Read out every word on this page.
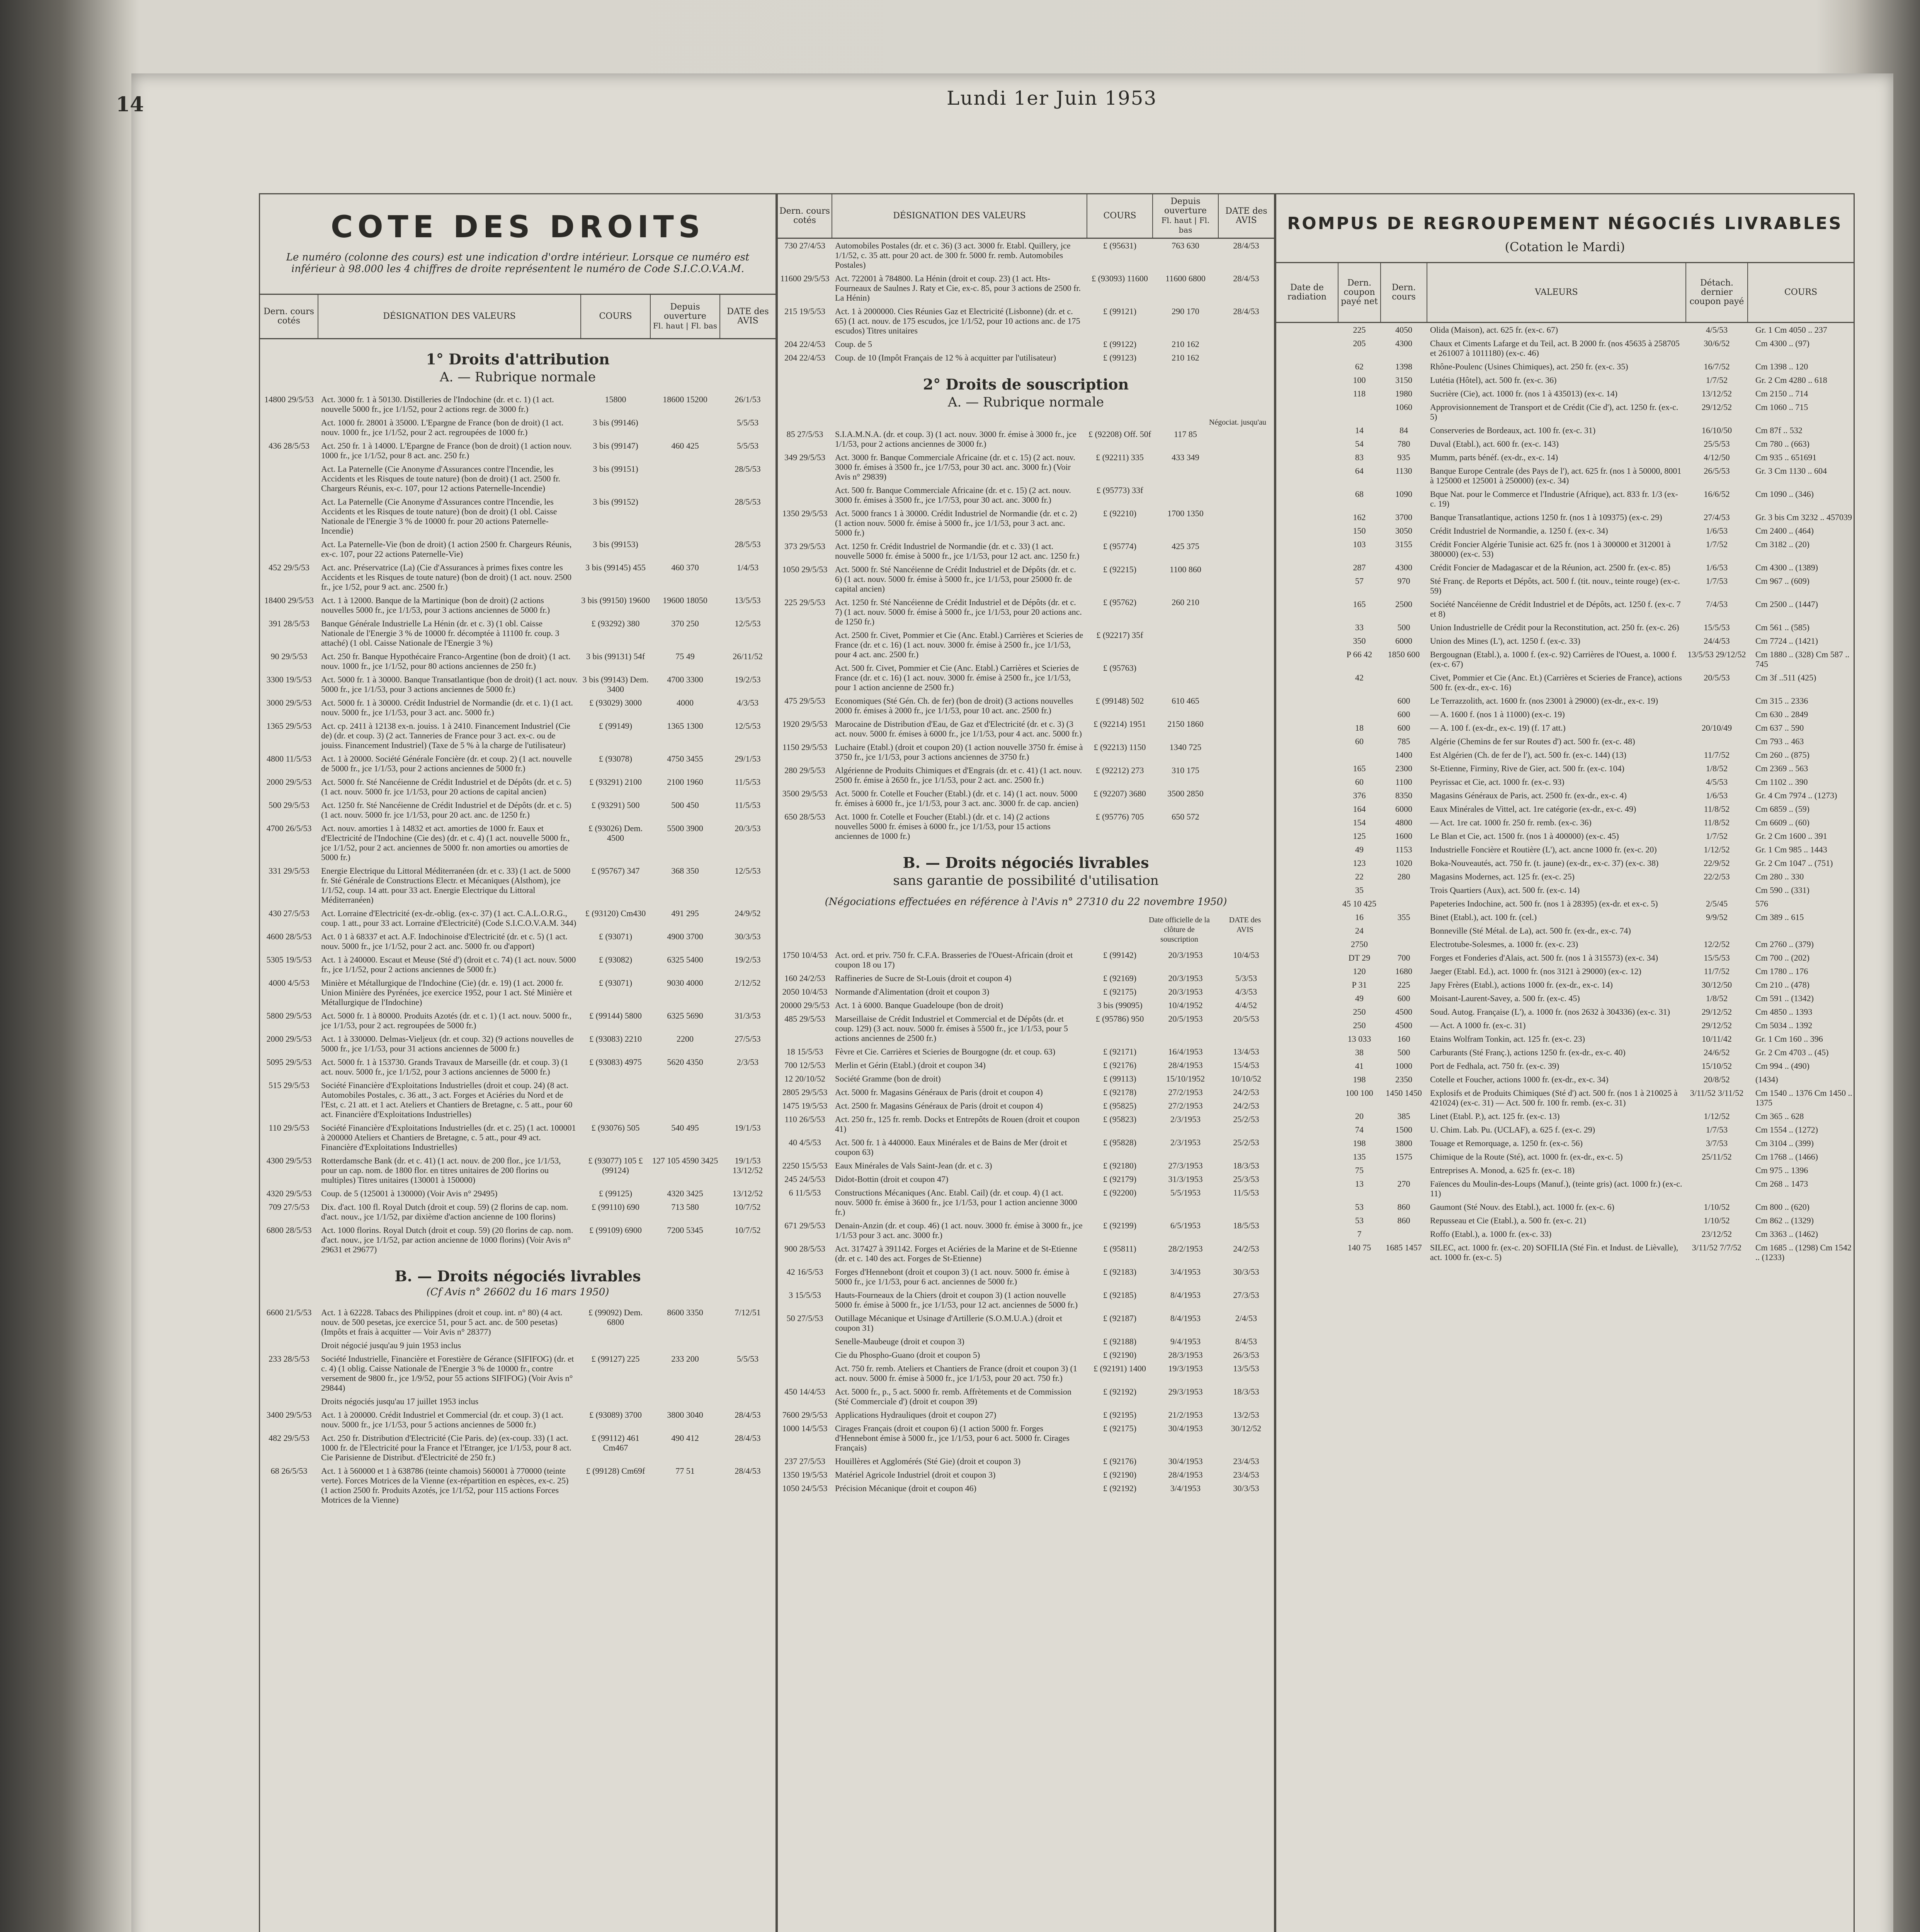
14	Lundi 1er Juin 1953
COTE DES DROITS
Le numéro (colonne des cours) est une indication d'ordre intérieur. Lorsque ce numéro est inférieur à 98.000 les 4 chiffres de droite représentent le numéro de Code S.I.C.O.V.A.M.
Dern. cours cotés	DÉSIGNATION DES VALEURS	COURS	Depuis ouverture
Fl. haut | Fl. bas	DATE des AVIS
1° Droits d'attribution
A. — Rubrique normale
14800 29/5/53 Act. 3000 fr. 1 à 50130. Distilleries de l'Indochine (dr. et c. 1) (1 act. nouvelle 5000 fr., jce 1/1/52, pour 2 actions regr. de 3000 fr.)
15800	18600 15200	26/1/53
Act. 1000 fr. 28001 à 35000. L'Epargne de France (bon de droit) (1 act. nouv. 1000 fr., jce 1/1/52, pour 2 act. regroupées de 1000 fr.)
3 bis (99146)	5/5/53
436 28/5/53	Act. 250 fr. 1 à 14000. L'Epargne de France (bon de droit) (1 action nouv. 1000 fr., jce 1/1/52, pour 8 act. anc. 250 fr.)
3 bis (99147)	460 425	5/5/53
Act. La Paternelle (Cie Anonyme d'Assurances contre l'Incendie, les Accidents et les Risques de toute nature) (bon de droit) (1 act. 2500 fr. Chargeurs Réunis, ex-c. 107, pour 12 actions Paternelle-Incendie)
3 bis (99151)	28/5/53
Act. La Paternelle (Cie Anonyme d'Assurances contre l'Incendie, les Accidents et les Risques de toute nature) (bon de droit) (1 obl. Caisse Nationale de l'Energie 3 % de 10000 fr. pour 20 actions Paternelle-Incendie)
3 bis (99152)	28/5/53
Act. La Paternelle-Vie (bon de droit) (1 action 2500 fr. Chargeurs Réunis, ex-c. 107, pour 22 actions Paternelle-Vie)
3 bis (99153)	28/5/53
452 29/5/53	Act. anc. Préservatrice (La) (Cie d'Assurances à primes fixes contre les Accidents et les Risques de toute nature) (bon de droit) (1 act. nouv. 2500 fr., jce 1/52, pour 9 act. anc. 2500 fr.)
3 bis (99145) 455	460 370	1/4/53
18400 29/5/53 Act. 1 à 12000. Banque de la Martinique (bon de droit) (2 actions nouvelles 5000 fr., jce 1/1/53, pour 3 actions anciennes de 5000 fr.)
3 bis (99150) 19600	19600 18050	13/5/53
391 28/5/53	Banque Générale Industrielle La Hénin (dr. et c. 3) (1 obl. Caisse Nationale de l'Energie 3 % de 10000 fr. décomptée à 11100 fr. coup. 3 attaché) (1 obl. Caisse Nationale de l'Energie 3 %)
£ (93292) 380	370 250	12/5/53
90 29/5/53	Act. 250 fr. Banque Hypothécaire Franco-Argentine (bon de droit) (1 act. nouv. 1000 fr., jce 1/1/52, pour 80 actions anciennes de 250 fr.)
3 bis (99131) 54f	75 49	26/11/52
3300 19/5/53	Act. 5000 fr. 1 à 30000. Banque Transatlantique (bon de droit) (1 act. nouv. 5000 fr., jce 1/1/53, pour 3 actions anciennes de 5000 fr.)
3 bis (99143) Dem. 3400
4700 3300	19/2/53
3000 29/5/53	Act. 5000 fr. 1 à 30000. Crédit Industriel de Normandie (dr. et c. 1) (1 act. nouv. 5000 fr., jce 1/1/53, pour 3 act. anc. 5000 fr.)
£ (93029) 3000	4000	4/3/53
1365 29/5/53	Act. cp. 2411 à 12138 ex-n. jouiss. 1 à 2410. Financement Industriel (Cie de) (dr. et coup. 3) (2 act. Tanneries de France pour 3 act. ex-c. ou de jouiss. Financement Industriel) (Taxe de 5 % à la charge de l'utilisateur)
£ (99149)	1365 1300	12/5/53
4800 11/5/53	Act. 1 à 20000. Société Générale Foncière (dr. et coup. 2) (1 act. nouvelle de 5000 fr., jce 1/1/53, pour 2 actions anciennes de 5000 fr.)
£ (93078)	4750 3455	29/1/53
2000 29/5/53	Act. 5000 fr. Sté Nancéienne de Crédit Industriel et de Dépôts (dr. et c. 5) (1 act. nouv. 5000 fr. jce 1/1/53, pour 20 actions de capital ancien)
£ (93291) 2100	2100 1960	11/5/53
500 29/5/53	Act. 1250 fr. Sté Nancéienne de Crédit Industriel et de Dépôts (dr. et c. 5) (1 act. nouv. 5000 fr. jce 1/1/53, pour 20 act. anc. de 1250 fr.)
£ (93291) 500	500 450	11/5/53
4700 26/5/53	Act. nouv. amorties 1 à 14832 et act. amorties de 1000 fr. Eaux et d'Electricité de l'Indochine (Cie des) (dr. et c. 4) (1 act. nouvelle 5000 fr., jce 1/1/52, pour 2 act. anciennes de 5000 fr. non amorties ou amorties de 5000 fr.)
£ (93026) Dem. 4500
5500 3900	20/3/53
331 29/5/53	Energie Electrique du Littoral Méditerranéen (dr. et c. 33) (1 act. de 5000 fr. Sté Générale de Constructions Electr. et Mécaniques (Alsthom), jce 1/1/52, coup. 14 att. pour 33 act. Energie Electrique du Littoral Méditerranéen)
£ (95767) 347	368 350	12/5/53
430 27/5/53	Act. Lorraine d'Electricité (ex-dr.-oblig. (ex-c. 37) (1 act. C.A.L.O.R.G., coup. 1 att., pour 33 act. Lorraine d'Electricité) (Code S.I.C.O.V.A.M. 344)
£ (93120) Cm430	491 295	24/9/52
4600 28/5/53	Act. 0 1 à 68337 et act. A.F. Indochinoise d'Electricité (dr. et c. 5) (1 act. nouv. 5000 fr., jce 1/1/52, pour 2 act. anc. 5000 fr. ou d'apport)
£ (93071)	4900 3700	30/3/53
5305 19/5/53	Act. 1 à 240000. Escaut et Meuse (Sté d') (droit et c. 74) (1 act. nouv. 5000 fr., jce 1/1/52, pour 2 actions anciennes de 5000 fr.)
£ (93082)	6325 5400	19/2/53
4000 4/5/53	Minière et Métallurgique de l'Indochine (Cie) (dr. e. 19) (1 act. 2000 fr. Union Minière des Pyrénées, jce exercice 1952, pour 1 act. Sté Minière et Métallurgique de l'Indochine)
£ (93071)	9030 4000	2/12/52
5800 29/5/53	Act. 5000 fr. 1 à 80000. Produits Azotés (dr. et c. 1) (1 act. nouv. 5000 fr., jce 1/1/53, pour 2 act. regroupées de 5000 fr.)
£ (99144) 5800	6325 5690	31/3/53
2000 29/5/53	Act. 1 à 330000. Delmas-Vieljeux (dr. et coup. 32) (9 actions nouvelles de 5000 fr., jce 1/1/53, pour 31 actions anciennes de 5000 fr.)
£ (93083) 2210	2200	27/5/53
5095 29/5/53	Act. 5000 fr. 1 à 153730. Grands Travaux de Marseille (dr. et coup. 3) (1 act. nouv. 5000 fr., jce 1/1/52, pour 3 actions anciennes de 5000 fr.)
£ (93083) 4975	5620 4350	2/3/53
515 29/5/53	Société Financière d'Exploitations Industrielles (droit et coup. 24) (8 act. Automobiles Postales, c. 36 att., 3 act. Forges et Aciéries du Nord et de l'Est, c. 21 att. et 1 act. Ateliers et Chantiers de Bretagne, c. 5 att., pour 60 act. Financière d'Exploitations Industrielles)
110 29/5/53	Société Financière d'Exploitations Industrielles (dr. et c. 25) (1 act. 100001 à 200000 Ateliers et Chantiers de Bretagne, c. 5 att., pour 49 act. Financière d'Exploitations Industrielles)
£ (93076) 505	540 495	19/1/53
4300 29/5/53	Rotterdamsche Bank (dr. et c. 41) (1 act. nouv. de 200 flor., jce 1/1/53, pour un cap. nom. de 1800 flor. en titres unitaires de 200 florins ou multiples) Titres unitaires (130001 à 150000)
£ (93077) 105 £ (99124)
127 105 4590 3425	19/1/53 13/12/52
4320 29/5/53	Coup. de 5 (125001 à 130000) (Voir Avis n° 29495)	£ (99125)	4320 3425	13/12/52
709 27/5/53	Dix. d'act. 100 fl. Royal Dutch (droit et coup. 59) (2 florins de cap. nom. d'act. nouv., jce 1/1/52, par dixième d'action ancienne de 100 florins)
£ (99110) 690	713 580	10/7/52
6800 28/5/53	Act. 1000 florins. Royal Dutch (droit et coup. 59) (20 florins de cap. nom. d'act. nouv., jce 1/1/52, par action ancienne de 1000 florins) (Voir Avis n° 29631 et 29677)
£ (99109) 6900	7200 5345	10/7/52
B. — Droits négociés livrables
(Cf Avis n° 26602 du 16 mars 1950)
6600 21/5/53	Act. 1 à 62228. Tabacs des Philippines (droit et coup. int. n° 80) (4 act. nouv. de 500 pesetas, jce exercice 51, pour 5 act. anc. de 500 pesetas) (Impôts et frais à acquitter — Voir Avis n° 28377)
£ (99092) Dem. 6800
8600 3350	7/12/51
Droit négocié jusqu'au 9 juin 1953 inclus
233 28/5/53	Société Industrielle, Financière et Forestière de Gérance (SIFIFOG) (dr. et c. 4) (1 oblig. Caisse Nationale de l'Energie 3 % de 10000 fr., contre versement de 9800 fr., jce 1/9/52, pour 55 actions SIFIFOG) (Voir Avis n° 29844)
£ (99127) 225	233 200	5/5/53
Droits négociés jusqu'au 17 juillet 1953 inclus
3400 29/5/53	Act. 1 à 200000. Crédit Industriel et Commercial (dr. et coup. 3) (1 act. nouv. 5000 fr., jce 1/1/53, pour 5 actions anciennes de 5000 fr.)
£ (93089) 3700	3800 3040	28/4/53
482 29/5/53	Act. 250 fr. Distribution d'Electricité (Cie Paris. de) (ex-coup. 33) (1 act. 1000 fr. de l'Electricité pour la France et l'Etranger, jce 1/1/53, pour 8 act. Cie Parisienne de Distribut. d'Electricité de 250 fr.)
£ (99112) 461 Cm467
490 412	28/4/53
68 26/5/53	Act. 1 à 560000 et 1 à 638786 (teinte chamois) 560001 à 770000 (teinte verte). Forces Motrices de la Vienne (ex-répartition en espèces, ex-c. 25) (1 action 2500 fr. Produits Azotés, jce 1/1/52, pour 115 actions Forces Motrices de la Vienne)
£ (99128) Cm69f	77 51	28/4/53
Dern. cours cotés	DÉSIGNATION DES VALEURS	COURS	Depuis ouverture
Fl. haut | Fl. bas	DATE des AVIS
730 27/4/53	Automobiles Postales (dr. et c. 36) (3 act. 3000 fr. Etabl. Quillery, jce 1/1/52, c. 35 att. pour 20 act. de 300 fr. 5000 fr. remb. Automobiles Postales)
£ (95631)	763 630	28/4/53
11600 29/5/53 Act. 722001 à 784800. La Hénin (droit et coup. 23) (1 act. Hts-Fourneaux de Saulnes J. Raty et Cie, ex-c. 85, pour 3 actions de 2500 fr. La Hénin)
£ (93093) 11600	11600 6800	28/4/53
215 19/5/53	Act. 1 à 2000000. Cies Réunies Gaz et Electricité (Lisbonne) (dr. et c. 65) (1 act. nouv. de 175 escudos, jce 1/1/52, pour 10 actions anc. de 175 escudos) Titres unitaires
£ (99121)	290 170	28/4/53
204 22/4/53	Coup. de 5	£ (99122)	210 162
204 22/4/53	Coup. de 10 (Impôt Français de 12 % à acquitter par l'utilisateur)	£ (99123)	210 162
2° Droits de souscription
A. — Rubrique normale
Négociat. jusqu'au
85 27/5/53	S.I.A.M.N.A. (dr. et coup. 3) (1 act. nouv. 3000 fr. émise à 3000 fr., jce 1/1/53, pour 2 actions anciennes de 3000 fr.)
£ (92208) Off. 50f	117 85
349 29/5/53	Act. 3000 fr. Banque Commerciale Africaine (dr. et c. 15) (2 act. nouv. 3000 fr. émises à 3500 fr., jce 1/7/53, pour 30 act. anc. 3000 fr.) (Voir Avis n° 29839)
£ (92211) 335	433 349
Act. 500 fr. Banque Commerciale Africaine (dr. et c. 15) (2 act. nouv. 3000 fr. émises à 3500 fr., jce 1/7/53, pour 30 act. anc. 3000 fr.)
£ (95773) 33f
1350 29/5/53 Act. 5000 francs 1 à 30000. Crédit Industriel de Normandie (dr. et c. 2) (1 action nouv. 5000 fr. émise à 5000 fr., jce 1/1/53, pour 3 act. anc. 5000 fr.)
£ (92210)	1700 1350
373 29/5/53	Act. 1250 fr. Crédit Industriel de Normandie (dr. et c. 33) (1 act. nouvelle 5000 fr. émise à 5000 fr., jce 1/1/53, pour 12 act. anc. 1250 fr.)
£ (95774)	425 375
1050 29/5/53 Act. 5000 fr. Sté Nancéienne de Crédit Industriel et de Dépôts (dr. et c. 6) (1 act. nouv. 5000 fr. émise à 5000 fr., jce 1/1/53, pour 25000 fr. de capital ancien)
£ (92215)	1100 860
225 29/5/53	Act. 1250 fr. Sté Nancéienne de Crédit Industriel et de Dépôts (dr. et c. 7) (1 act. nouv. 5000 fr. émise à 5000 fr., jce 1/1/53, pour 20 actions anc. de 1250 fr.)
£ (95762)	260 210
Act. 2500 fr. Civet, Pommier et Cie (Anc. Etabl.) Carrières et Scieries de France (dr. et c. 16) (1 act. nouv. 3000 fr. émise à 2500 fr., jce 1/1/53, pour 4 act. anc. 2500 fr.)
£ (92217) 35f
Act. 500 fr. Civet, Pommier et Cie (Anc. Etabl.) Carrières et Scieries de France (dr. et c. 16) (1 act. nouv. 3000 fr. émise à 2500 fr., jce 1/1/53, pour 1 action ancienne de 2500 fr.)
£ (95763)
475 29/5/53	Economiques (Sté Gén. Ch. de fer) (bon de droit) (3 actions nouvelles 2000 fr. émises à 2000 fr., jce 1/1/53, pour 10 act. anc. 2500 fr.)
£ (99148) 502	610 465
1920 29/5/53 Marocaine de Distribution d'Eau, de Gaz et d'Electricité (dr. et c. 3) (3 act. nouv. 5000 fr. émises à 6000 fr., jce 1/1/53, pour 4 act. anc. 5000 fr.)
£ (92214) 1951	2150 1860
1150 29/5/53 Luchaire (Etabl.) (droit et coupon 20) (1 action nouvelle 3750 fr. émise à 3750 fr., jce 1/1/53, pour 3 actions anciennes de 3750 fr.)
£ (92213) 1150	1340 725
280 29/5/53	Algérienne de Produits Chimiques et d'Engrais (dr. et c. 41) (1 act. nouv. 2500 fr. émise à 2650 fr., jce 1/1/53, pour 2 act. anc. 2500 fr.)
£ (92212) 273	310 175
3500 29/5/53 Act. 5000 fr. Cotelle et Foucher (Etabl.) (dr. et c. 14) (1 act. nouv. 5000 fr. émises à 6000 fr., jce 1/1/53, pour 3 act. anc. 3000 fr. de cap. ancien)
£ (92207) 3680	3500 2850
650 28/5/53	Act. 1000 fr. Cotelle et Foucher (Etabl.) (dr. et c. 14) (2 actions nouvelles 5000 fr. émises à 6000 fr., jce 1/1/53, pour 15 actions anciennes de 1000 fr.)
£ (95776) 705	650 572
B. — Droits négociés livrables
sans garantie de possibilité d'utilisation
(Négociations effectuées en référence à l'Avis n° 27310 du 22 novembre 1950)
Date officielle de la clôture de souscription
DATE des AVIS
1750 10/4/53 Act. ord. et priv. 750 fr. C.F.A. Brasseries de l'Ouest-Africain (droit et coupon 18 ou 17)
£ (99142)	20/3/1953	10/4/53
160 24/2/53	Raffineries de Sucre de St-Louis (droit et coupon 4)	£ (92169)	20/3/1953	5/3/53
2050 10/4/53 Normande d'Alimentation (droit et coupon 3)	£ (92175)	20/3/1953	4/3/53
20000 29/5/53 Act. 1 à 6000. Banque Guadeloupe (bon de droit)	3 bis (99095)	10/4/1952	4/4/52
485 29/5/53	Marseillaise de Crédit Industriel et Commercial et de Dépôts (dr. et coup. 129) (3 act. nouv. 5000 fr. émises à 5500 fr., jce 1/1/53, pour 5 actions anciennes de 2500 fr.)
£ (95786) 950	20/5/1953	20/5/53
18 15/5/53	Fèvre et Cie. Carrières et Scieries de Bourgogne (dr. et coup. 63)	£ (92171)	16/4/1953	13/4/53
700 12/5/53	Merlin et Gérin (Etabl.) (droit et coupon 34)	£ (92176)	28/4/1953	15/4/53
12 20/10/52	Société Gramme (bon de droit)	£ (99113)	15/10/1952	10/10/52
2805 29/5/53 Act. 5000 fr. Magasins Généraux de Paris (droit et coupon 4)	£ (92178)	27/2/1953	24/2/53
1475 19/5/53 Act. 2500 fr. Magasins Généraux de Paris (droit et coupon 4)	£ (95825)	27/2/1953	24/2/53
110 26/5/53	Act. 250 fr., 125 fr. remb. Docks et Entrepôts de Rouen (droit et coupon 41)
£ (95823)	2/3/1953	25/2/53
40 4/5/53	Act. 500 fr. 1 à 440000. Eaux Minérales et de Bains de Mer (droit et coupon 63)
£ (95828)	2/3/1953	25/2/53
2250 15/5/53 Eaux Minérales de Vals Saint-Jean (dr. et c. 3)	£ (92180)	27/3/1953	18/3/53
245 24/5/53	Didot-Bottin (droit et coupon 47)	£ (92179)	31/3/1953	25/3/53
6 11/5/53	Constructions Mécaniques (Anc. Etabl. Cail) (dr. et coup. 4) (1 act. nouv. 5000 fr. émise à 3600 fr., jce 1/1/53, pour 1 action ancienne 3000 fr.)
£ (92200)	5/5/1953	11/5/53
671 29/5/53	Denain-Anzin (dr. et coup. 46) (1 act. nouv. 3000 fr. émise à 3000 fr., jce 1/1/53 pour 3 act. anc. 3000 fr.)
£ (92199)	6/5/1953	18/5/53
900 28/5/53	Act. 317427 à 391142. Forges et Aciéries de la Marine et de St-Etienne (dr. et c. 140 des act. Forges de St-Etienne)
£ (95811)	28/2/1953	24/2/53
42 16/5/53	Forges d'Hennebont (droit et coupon 3) (1 act. nouv. 5000 fr. émise à 5000 fr., jce 1/1/53, pour 6 act. anciennes de 5000 fr.)
£ (92183)	3/4/1953	30/3/53
3 15/5/53	Hauts-Fourneaux de la Chiers (droit et coupon 3) (1 action nouvelle 5000 fr. émise à 5000 fr., jce 1/1/53, pour 12 act. anciennes de 5000 fr.)
£ (92185)	8/4/1953	27/3/53
50 27/5/53	Outillage Mécanique et Usinage d'Artillerie (S.O.M.U.A.) (droit et coupon 31)
£ (92187)	8/4/1953	2/4/53
Senelle-Maubeuge (droit et coupon 3)	£ (92188)	9/4/1953	8/4/53
Cie du Phospho-Guano (droit et coupon 5)	£ (92190)	28/3/1953	26/3/53
Act. 750 fr. remb. Ateliers et Chantiers de France (droit et coupon 3) (1 act. nouv. 5000 fr. émise à 5000 fr., jce 1/1/53, pour 20 act. 750 fr.)
£ (92191) 1400	19/3/1953	13/5/53
450 14/4/53	Act. 5000 fr., p., 5 act. 5000 fr. remb. Affrètements et de Commission (Sté Commerciale d') (droit et coupon 39)
£ (92192)	29/3/1953	18/3/53
7600 29/5/53 Applications Hydrauliques (droit et coupon 27)	£ (92195)	21/2/1953	13/2/53
1000 14/5/53 Cirages Français (droit et coupon 6) (1 action 5000 fr. Forges d'Hennebont émise à 5000 fr., jce 1/1/53, pour 6 act. 5000 fr. Cirages Français)
£ (92175)	30/4/1953	30/12/52
237 27/5/53	Houillères et Agglomérés (Sté Gie) (droit et coupon 3)	£ (92176)	30/4/1953	23/4/53
1350 19/5/53 Matériel Agricole Industriel (droit et coupon 3)	£ (92190)	28/4/1953	23/4/53
1050 24/5/53 Précision Mécanique (droit et coupon 46)	£ (92192)	3/4/1953	30/3/53
ROMPUS DE REGROUPEMENT NÉGOCIÉS LIVRABLES
(Cotation le Mardi)
Date de radiation	Dern. coupon payé net	Dern. cours	VALEURS	Détach. dernier coupon payé	COURS
225	4050	Olida (Maison), act. 625 fr. (ex-c. 67)	4/5/53	Gr. 1 Cm 4050 .. 237
205	4300	Chaux et Ciments Lafarge et du Teil, act. B 2000 fr. (nos 45635 à 258705 et 261007 à 1011180) (ex-c. 46)
30/6/52	Cm 4300 .. (97)
62	1398	Rhône-Poulenc (Usines Chimiques), act. 250 fr. (ex-c. 35)	16/7/52	Cm 1398 .. 120
100	3150	Lutétia (Hôtel), act. 500 fr. (ex-c. 36)	1/7/52	Gr. 2 Cm 4280 .. 618
118	1980	Sucrière (Cie), act. 1000 fr. (nos 1 à 435013) (ex-c. 14)	13/12/52	Cm 2150 .. 714
1060	Approvisionnement de Transport et de Crédit (Cie d'), act. 1250 fr. (ex-c. 5)
29/12/52	Cm 1060 .. 715
14	84	Conserveries de Bordeaux, act. 100 fr. (ex-c. 31)	16/10/50	Cm 87f .. 532
54	780	Duval (Etabl.), act. 600 fr. (ex-c. 143)	25/5/53	Cm 780 .. (663)
83	935	Mumm, parts bénéf. (ex-dr., ex-c. 14)	4/12/50	Cm 935 .. 651691
64	1130	Banque Europe Centrale (des Pays de l'), act. 625 fr. (nos 1 à 50000, 8001 à 125000 et 125001 à 250000) (ex-c. 34)
26/5/53	Gr. 3 Cm 1130 .. 604
68	1090	Bque Nat. pour le Commerce et l'Industrie (Afrique), act. 833 fr. 1/3 (ex-c. 19)
16/6/52	Cm 1090 .. (346)
162	3700	Banque Transatlantique, actions 1250 fr. (nos 1 à 109375) (ex-c. 29)	27/4/53	Gr. 3 bis Cm 3232 .. 457039
150	3050	Crédit Industriel de Normandie, a. 1250 f. (ex-c. 34)	1/6/53	Cm 2400 .. (464)
103	3155	Crédit Foncier Algérie Tunisie act. 625 fr. (nos 1 à 300000 et 312001 à 380000) (ex-c. 53)
1/7/52	Cm 3182 .. (20)
287	4300	Crédit Foncier de Madagascar et de la Réunion, act. 2500 fr. (ex-c. 85)	1/6/53	Cm 4300 .. (1389)
57	970	Sté Franç. de Reports et Dépôts, act. 500 f. (tit. nouv., teinte rouge) (ex-c. 59)
1/7/53	Cm 967 .. (609)
165	2500	Société Nancéienne de Crédit Industriel et de Dépôts, act. 1250 f. (ex-c. 7 et 8)
7/4/53	Cm 2500 .. (1447)
33	500	Union Industrielle de Crédit pour la Reconstitution, act. 250 fr. (ex-c. 26)	15/5/53	Cm 561 .. (585)
350	6000	Union des Mines (L'), act. 1250 f. (ex-c. 33)	24/4/53	Cm 7724 .. (1421)
P 66 42	1850 600	Bergougnan (Etabl.), a. 1000 f. (ex-c. 92) Carrières de l'Ouest, a. 1000 f. (ex-c. 67)
13/5/53 29/12/52	Cm 1880 .. (328) Cm 587 .. 745
42	Civet, Pommier et Cie (Anc. Et.) (Carrières et Scieries de France), actions 500 fr. (ex-dr., ex-c. 16)
20/5/53	Cm 3f ..511 (425)
600	Le Terrazzolith, act. 1600 fr. (nos 23001 à 29000) (ex-dr., ex-c. 19)	Cm 315 .. 2336
600	— A. 1600 f. (nos 1 à 11000) (ex-c. 19)	Cm 630 .. 2849
18	600	— A. 100 f. (ex-dr., ex-c. 19) (f. 17 att.)	20/10/49	Cm 637 .. 590
60	785	Algérie (Chemins de fer sur Routes d') act. 500 fr. (ex-c. 48)	Cm 793 .. 463
1400	Est Algérien (Ch. de fer de l'), act. 500 fr. (ex-c. 144) (13)	11/7/52	Cm 260 .. (875)
165	2300	St-Etienne, Firminy, Rive de Gier, act. 500 fr. (ex-c. 104)	1/8/52	Cm 2369 .. 563
60	1100	Peyrissac et Cie, act. 1000 fr. (ex-c. 93)	4/5/53	Cm 1102 .. 390
376	8350	Magasins Généraux de Paris, act. 2500 fr. (ex-dr., ex-c. 4)	1/6/53	Gr. 4 Cm 7974 .. (1273)
164	6000	Eaux Minérales de Vittel, act. 1re catégorie (ex-dr., ex-c. 49)	11/8/52	Cm 6859 .. (59)
154	4800	— Act. 1re cat. 1000 fr. 250 fr. remb. (ex-c. 36)	11/8/52	Cm 6609 .. (60)
125	1600	Le Blan et Cie, act. 1500 fr. (nos 1 à 400000) (ex-c. 45)	1/7/52	Gr. 2 Cm 1600 .. 391
49	1153	Industrielle Foncière et Routière (L'), act. ancne 1000 fr. (ex-c. 20)	1/12/52	Gr. 1 Cm 985 .. 1443
123	1020	Boka-Nouveautés, act. 750 fr. (t. jaune) (ex-dr., ex-c. 37) (ex-c. 38)	22/9/52	Gr. 2 Cm 1047 .. (751)
22	280	Magasins Modernes, act. 125 fr. (ex-c. 25)	22/2/53	Cm 280 .. 330
35	Trois Quartiers (Aux), act. 500 fr. (ex-c. 14)	Cm 590 .. (331)
45 10 425	Papeteries Indochine, act. 500 fr. (nos 1 à 28395) (ex-dr. et ex-c. 5)	2/5/45	576
16	355	Binet (Etabl.), act. 100 fr. (cel.)	9/9/52	Cm 389 .. 615
24	Bonneville (Sté Métal. de La), act. 500 fr. (ex-dr., ex-c. 74)
2750	Electrotube-Solesmes, a. 1000 fr. (ex-c. 23)	12/2/52	Cm 2760 .. (379)
DT 29	700	Forges et Fonderies d'Alais, act. 500 fr. (nos 1 à 315573) (ex-c. 34)	15/5/53	Cm 700 .. (202)
120	1680	Jaeger (Etabl. Ed.), act. 1000 fr. (nos 3121 à 29000) (ex-c. 12)	11/7/52	Cm 1780 .. 176
P 31	225	Japy Frères (Etabl.), actions 1000 fr. (ex-dr., ex-c. 14)	30/12/50	Cm 210 .. (478)
49	600	Moisant-Laurent-Savey, a. 500 fr. (ex-c. 45)	1/8/52	Cm 591 .. (1342)
250	4500	Soud. Autog. Française (L'), a. 1000 fr. (nos 2632 à 304336) (ex-c. 31)	29/12/52	Cm 4850 .. 1393
250	4500	— Act. A 1000 fr. (ex-c. 31)	29/12/52	Cm 5034 .. 1392
13 033	160	Etains Wolfram Tonkin, act. 125 fr. (ex-c. 23)	10/11/42	Gr. 1 Cm 160 .. 396
38	500	Carburants (Sté Franç.), actions 1250 fr. (ex-dr., ex-c. 40)	24/6/52	Gr. 2 Cm 4703 .. (45)
41	1000	Port de Fedhala, act. 750 fr. (ex-c. 39)	15/10/52	Cm 994 .. (490)
198	2350	Cotelle et Foucher, actions 1000 fr. (ex-dr., ex-c. 34)	20/8/52	(1434)
100 100	1450 1450 Explosifs et de Produits Chimiques (Sté d') act. 500 fr. (nos 1 à 210025 à 421024) (ex-c. 31) — Act. 500 fr. 100 fr. remb. (ex-c. 31)
3/11/52 3/11/52	Cm 1540 .. 1376 Cm 1450 .. 1375
20	385	Linet (Etabl. P.), act. 125 fr. (ex-c. 13)	1/12/52	Cm 365 .. 628
74	1500	U. Chim. Lab. Pu. (UCLAF), a. 625 f. (ex-c. 29)	1/7/53	Cm 1554 .. (1272)
198	3800	Touage et Remorquage, a. 1250 fr. (ex-c. 56)	3/7/53	Cm 3104 .. (399)
135	1575	Chimique de la Route (Sté), act. 1000 fr. (ex-dr., ex-c. 5)	25/11/52	Cm 1768 .. (1466)
75	Entreprises A. Monod, a. 625 fr. (ex-c. 18)	Cm 975 .. 1396
13	270	Faïences du Moulin-des-Loups (Manuf.), (teinte gris) (act. 1000 fr.) (ex-c. 11)
Cm 268 .. 1473
53	860	Gaumont (Sté Nouv. des Etabl.), act. 1000 fr. (ex-c. 6)	1/10/52	Cm 800 .. (620)
53	860	Repusseau et Cie (Etabl.), a. 500 fr. (ex-c. 21)	1/10/52	Cm 862 .. (1329)
7	Roffo (Etabl.), a. 1000 fr. (ex-c. 33)	23/12/52	Cm 3363 .. (1462)
140 75	1685 1457 SILEC, act. 1000 fr. (ex-c. 20) SOFILIA (Sté Fin. et Indust. de Lièvalle), act. 1000 fr. (ex-c. 5)
3/11/52 7/7/52	Cm 1685 .. (1298) Cm 1542 .. (1233)
